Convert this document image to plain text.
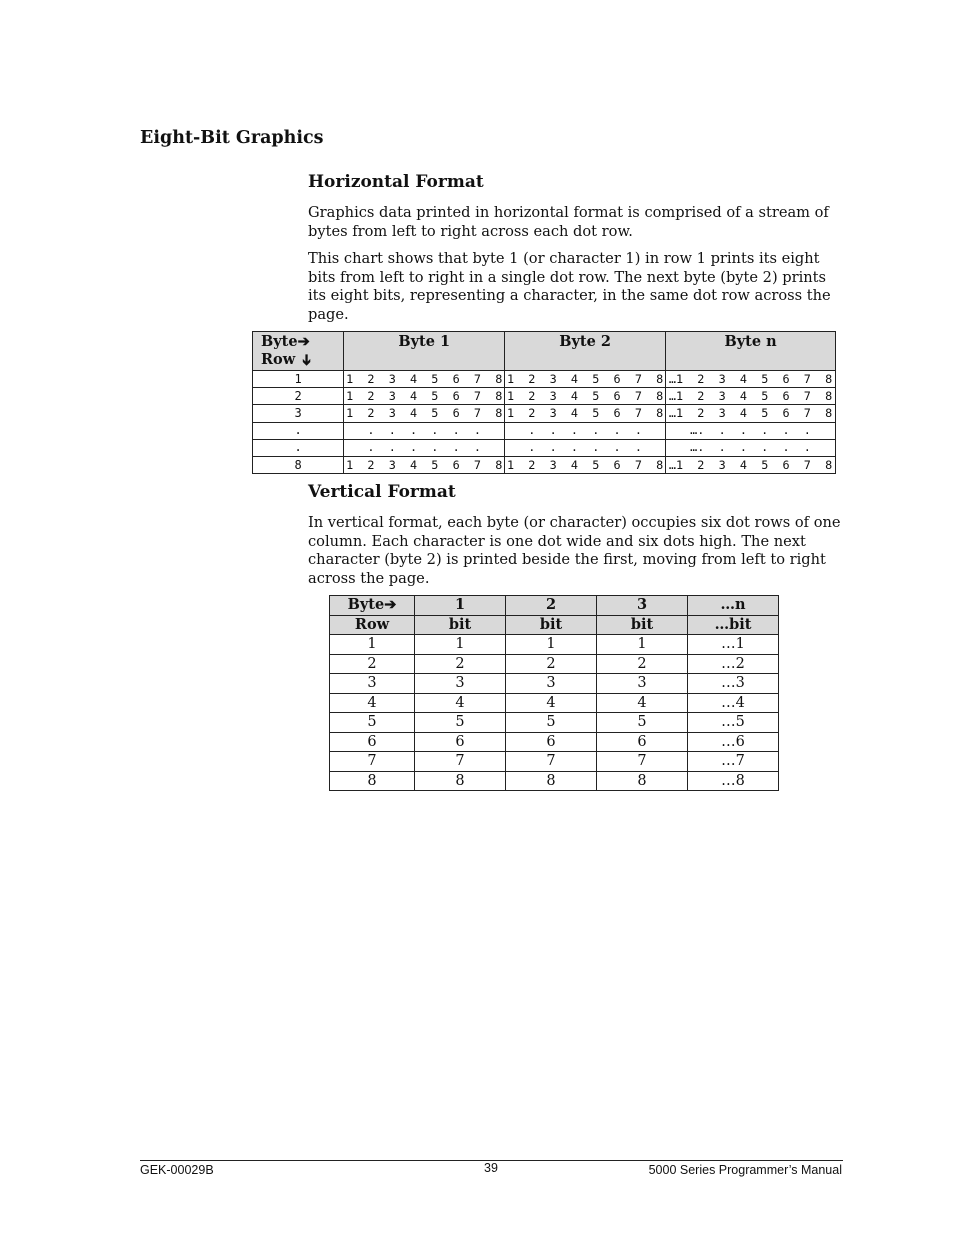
Eight-Bit Graphics
Horizontal Format

Graphics data printed in horizontal format is comprised of a stream of bytes from left to right across each dot row.

This chart shows that byte 1 (or character 1) in row 1 prints its eight bits from left to right in a single dot row. The next byte (byte 2) prints its eight bits, representing a character, in the same dot row across the page.

Byte➔
Row ➔	Byte 1	Byte 2	Byte n
1	1  2  3  4  5  6  7  8	1  2  3  4  5  6  7  8	…1  2  3  4  5  6  7  8
2	1  2  3  4  5  6  7  8	1  2  3  4  5  6  7  8	…1  2  3  4  5  6  7  8
3	1  2  3  4  5  6  7  8	1  2  3  4  5  6  7  8	…1  2  3  4  5  6  7  8
.	.  .  .  .  .  .	.  .  .  .  .  .	….  .  .  .  .  .
.	.  .  .  .  .  .	.  .  .  .  .  .	….  .  .  .  .  .
8	1  2  3  4  5  6  7  8	1  2  3  4  5  6  7  8	…1  2  3  4  5  6  7  8
Vertical Format

In vertical format, each byte (or character) occupies six dot rows of one column. Each character is one dot wide and six dots high. The next character (byte 2) is printed beside the first, moving from left to right across the page.

Byte➔	1	2	3	…n
Row	bit	bit	bit	…bit
1	1	1	1	…1
2	2	2	2	…2
3	3	3	3	…3
4	4	4	4	…4
5	5	5	5	…5
6	6	6	6	…6
7	7	7	7	…7
8	8	8	8	…8
GEK-00029B	39	5000 Series Programmer’s Manual
